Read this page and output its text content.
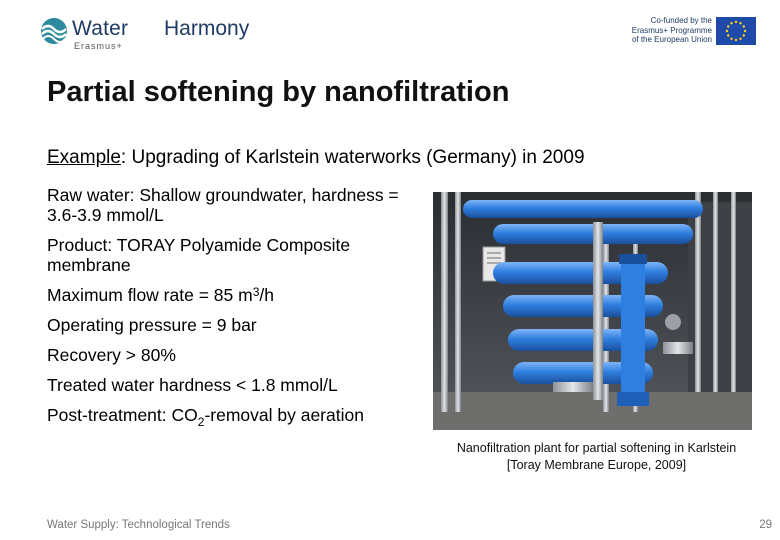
Water Harmony
Erasmus+
Co-funded by the
Erasmus+ Programme
of the European Union
Partial softening by nanofiltration
Example: Upgrading of Karlstein waterworks (Germany) in 2009
Raw water: Shallow groundwater, hardness = 3.6-3.9 mmol/L
Product: TORAY Polyamide Composite membrane
Maximum flow rate = 85 $m^3/h$
Operating pressure = 9 bar
Recovery > 80%
Treated water hardness < 1.8 mmol/L
Post-treatment: $CO_2$-removal by aeration
Nanofiltration plant for partial softening in Karlstein
[Toray Membrane Europe, 2009]
Water Supply: Technological Trends	29
